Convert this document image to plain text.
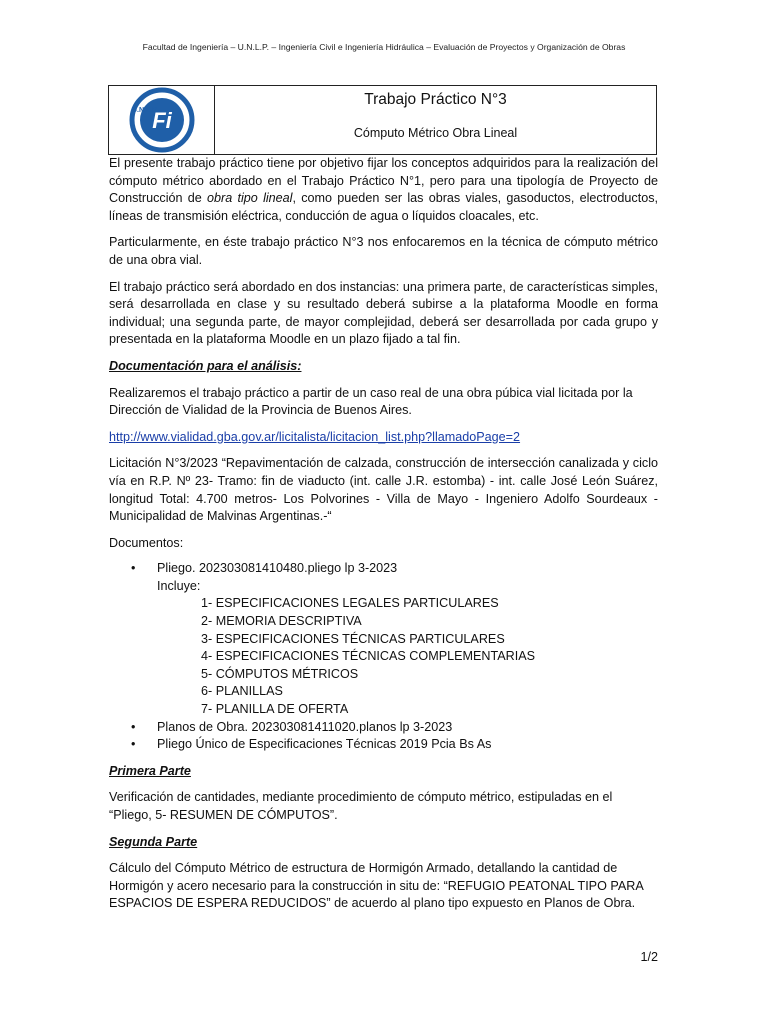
Facultad de Ingeniería – U.N.L.P. – Ingeniería Civil e Ingeniería Hidráulica – Evaluación de Proyectos y Organización de Obras
U.N.L.P.
Fi
Trabajo Práctico N°3
Cómputo Métrico Obra Lineal

El presente trabajo práctico tiene por objetivo fijar los conceptos adquiridos para la realización del cómputo métrico abordado en el Trabajo Práctico N°1, pero para una tipología de Proyecto de Construcción de obra tipo lineal, como pueden ser las obras viales, gasoductos, electroductos, líneas de transmisión eléctrica, conducción de agua o líquidos cloacales, etc.

Particularmente, en éste trabajo práctico N°3 nos enfocaremos en la técnica de cómputo métrico de una obra vial.

El trabajo práctico será abordado en dos instancias: una primera parte, de características simples, será desarrollada en clase y su resultado deberá subirse a la plataforma Moodle en forma individual; una segunda parte, de mayor complejidad, deberá ser desarrollada por cada grupo y presentada en la plataforma Moodle en un plazo fijado a tal fin.

Documentación para el análisis:

Realizaremos el trabajo práctico a partir de un caso real de una obra púbica vial licitada por la Dirección de Vialidad de la Provincia de Buenos Aires.

http://www.vialidad.gba.gov.ar/licitalista/licitacion_list.php?llamadoPage=2

Licitación N°3/2023 “Repavimentación de calzada, construcción de intersección canalizada y ciclo vía en R.P. Nº 23- Tramo: fin de viaducto (int. calle J.R. estomba) - int. calle José León Suárez, longitud Total: 4.700 metros- Los Polvorines - Villa de Mayo - Ingeniero Adolfo Sourdeaux - Municipalidad de Malvinas Argentinas.-“

Documentos:

• Pliego. 202303081410480.pliego lp 3-2023
Incluye:
1- ESPECIFICACIONES LEGALES PARTICULARES
2- MEMORIA DESCRIPTIVA
3- ESPECIFICACIONES TÉCNICAS PARTICULARES
4- ESPECIFICACIONES TÉCNICAS COMPLEMENTARIAS
5- CÓMPUTOS MÉTRICOS
6- PLANILLAS
7- PLANILLA DE OFERTA
• Planos de Obra. 202303081411020.planos lp 3-2023
• Pliego Único de Especificaciones Técnicas 2019 Pcia Bs As

Primera Parte

Verificación de cantidades, mediante procedimiento de cómputo métrico, estipuladas en el “Pliego, 5- RESUMEN DE CÓMPUTOS”.

Segunda Parte

Cálculo del Cómputo Métrico de estructura de Hormigón Armado, detallando la cantidad de Hormigón y acero necesario para la construcción in situ de: “REFUGIO PEATONAL TIPO PARA ESPACIOS DE ESPERA REDUCIDOS” de acuerdo al plano tipo expuesto en Planos de Obra.

1/2
